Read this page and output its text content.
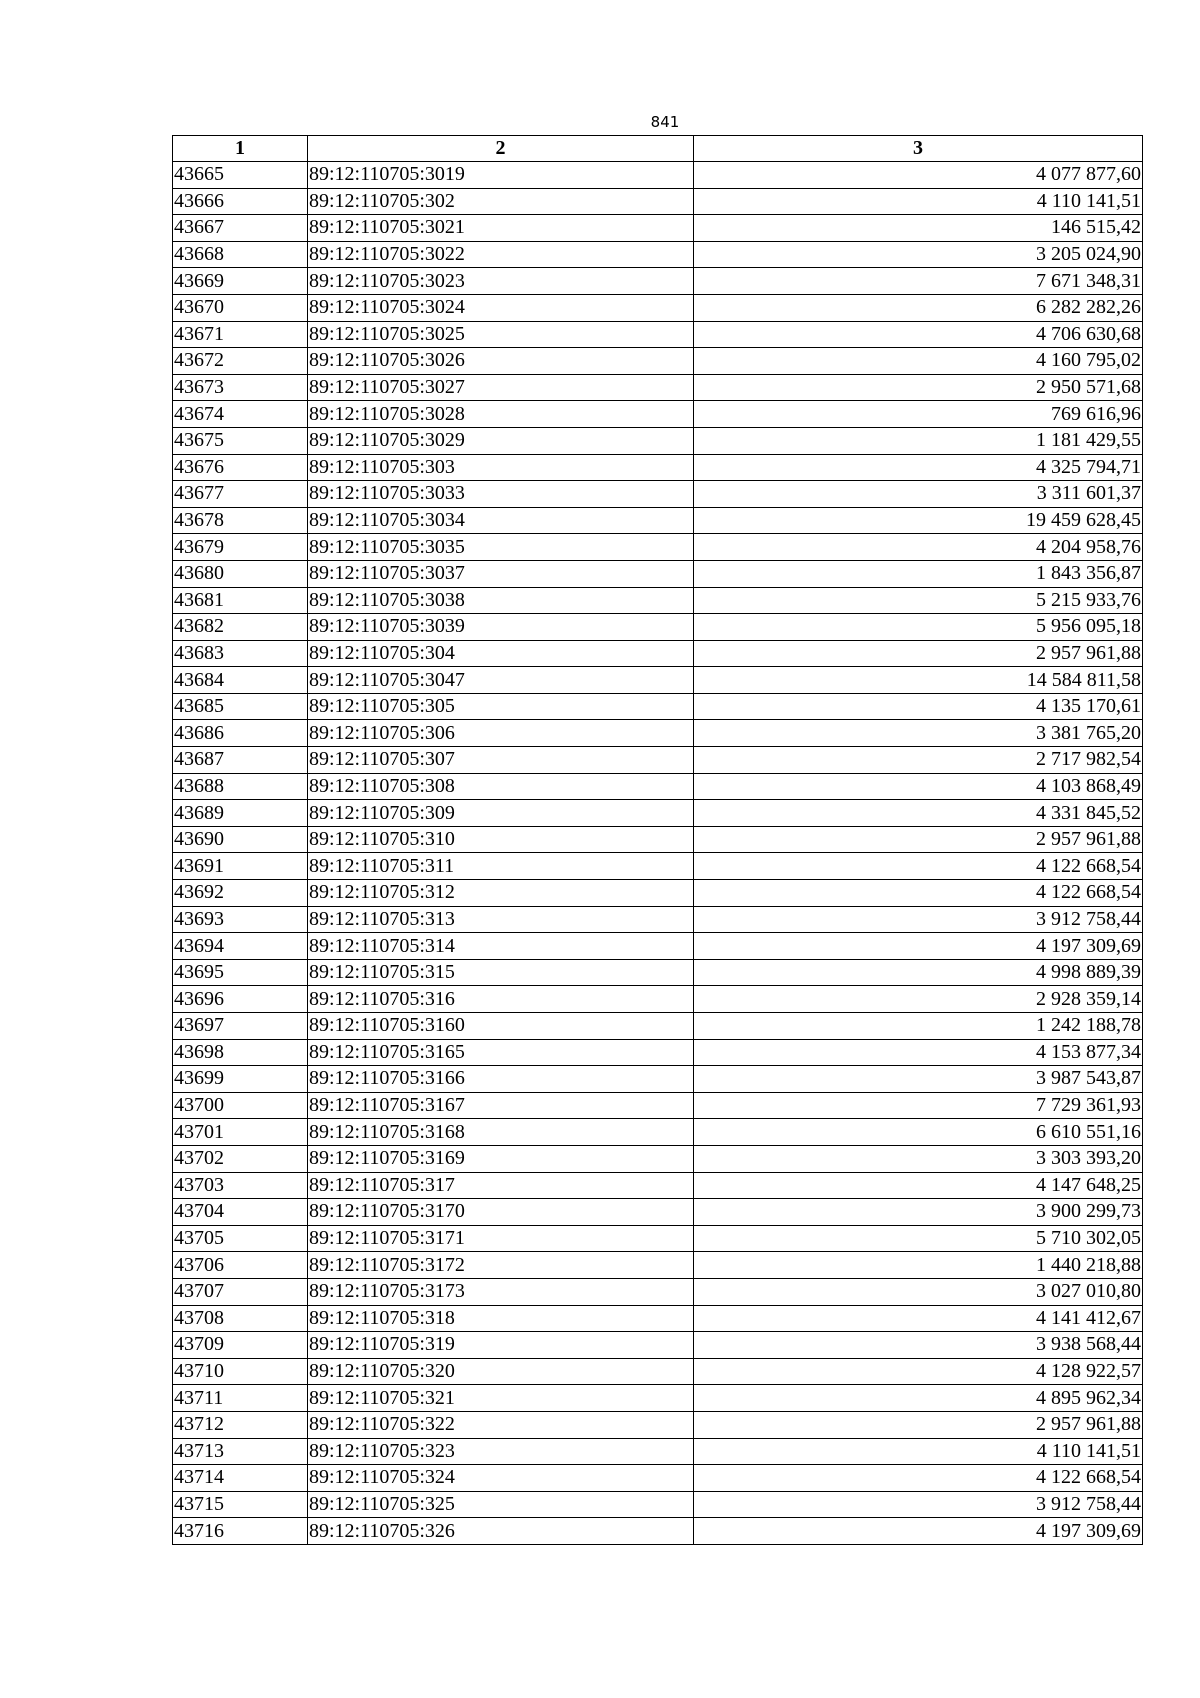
841
1	2	3
43665	89:12:110705:3019	4 077 877,60
43666	89:12:110705:302	4 110 141,51
43667	89:12:110705:3021	146 515,42
43668	89:12:110705:3022	3 205 024,90
43669	89:12:110705:3023	7 671 348,31
43670	89:12:110705:3024	6 282 282,26
43671	89:12:110705:3025	4 706 630,68
43672	89:12:110705:3026	4 160 795,02
43673	89:12:110705:3027	2 950 571,68
43674	89:12:110705:3028	769 616,96
43675	89:12:110705:3029	1 181 429,55
43676	89:12:110705:303	4 325 794,71
43677	89:12:110705:3033	3 311 601,37
43678	89:12:110705:3034	19 459 628,45
43679	89:12:110705:3035	4 204 958,76
43680	89:12:110705:3037	1 843 356,87
43681	89:12:110705:3038	5 215 933,76
43682	89:12:110705:3039	5 956 095,18
43683	89:12:110705:304	2 957 961,88
43684	89:12:110705:3047	14 584 811,58
43685	89:12:110705:305	4 135 170,61
43686	89:12:110705:306	3 381 765,20
43687	89:12:110705:307	2 717 982,54
43688	89:12:110705:308	4 103 868,49
43689	89:12:110705:309	4 331 845,52
43690	89:12:110705:310	2 957 961,88
43691	89:12:110705:311	4 122 668,54
43692	89:12:110705:312	4 122 668,54
43693	89:12:110705:313	3 912 758,44
43694	89:12:110705:314	4 197 309,69
43695	89:12:110705:315	4 998 889,39
43696	89:12:110705:316	2 928 359,14
43697	89:12:110705:3160	1 242 188,78
43698	89:12:110705:3165	4 153 877,34
43699	89:12:110705:3166	3 987 543,87
43700	89:12:110705:3167	7 729 361,93
43701	89:12:110705:3168	6 610 551,16
43702	89:12:110705:3169	3 303 393,20
43703	89:12:110705:317	4 147 648,25
43704	89:12:110705:3170	3 900 299,73
43705	89:12:110705:3171	5 710 302,05
43706	89:12:110705:3172	1 440 218,88
43707	89:12:110705:3173	3 027 010,80
43708	89:12:110705:318	4 141 412,67
43709	89:12:110705:319	3 938 568,44
43710	89:12:110705:320	4 128 922,57
43711	89:12:110705:321	4 895 962,34
43712	89:12:110705:322	2 957 961,88
43713	89:12:110705:323	4 110 141,51
43714	89:12:110705:324	4 122 668,54
43715	89:12:110705:325	3 912 758,44
43716	89:12:110705:326	4 197 309,69
